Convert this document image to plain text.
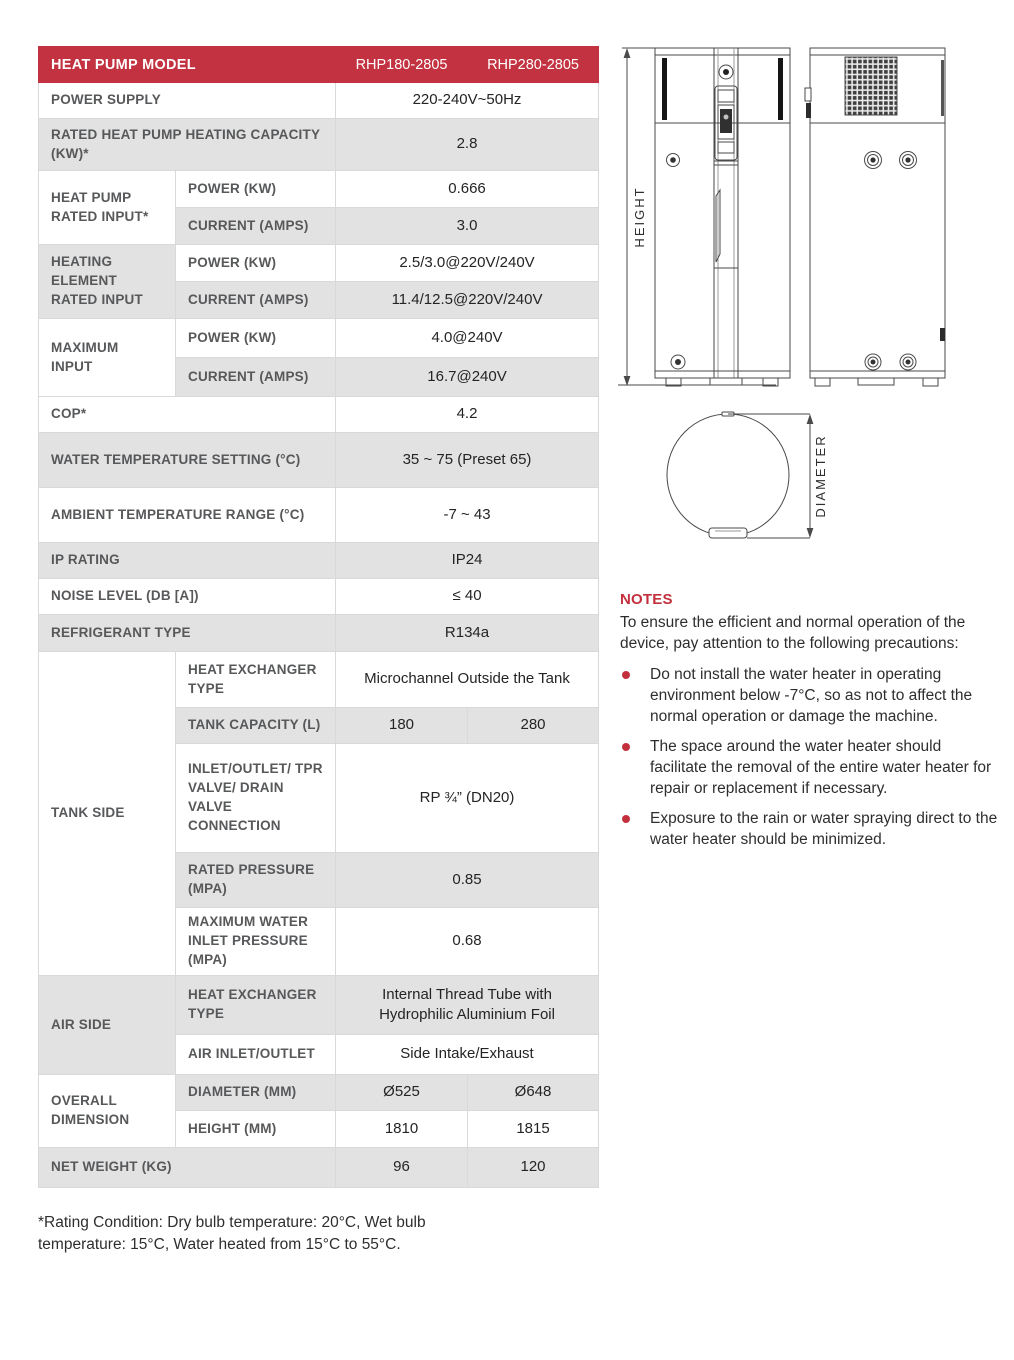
HEAT PUMP MODEL		RHP180-2805	RHP280-2805
POWER SUPPLY		220-240V~50Hz	
RATED HEAT PUMP HEATING CAPACITY (KW)*		2.8	
HEAT PUMP RATED INPUT*	POWER (KW)	0.666	
	CURRENT (AMPS)	3.0	
HEATING ELEMENT RATED INPUT	POWER (KW)	2.5/3.0@220V/240V	
	CURRENT (AMPS)	11.4/12.5@220V/240V	
MAXIMUM INPUT	POWER (KW)	4.0@240V	
	CURRENT (AMPS)	16.7@240V	
COP*		4.2	
WATER TEMPERATURE SETTING (°C)		35 ~ 75 (Preset 65)	
AMBIENT TEMPERATURE RANGE (°C)		-7 ~ 43	
IP RATING		IP24	
NOISE LEVEL (DB [A])		≤ 40	
REFRIGERANT TYPE		R134a	
TANK SIDE	HEAT EXCHANGER TYPE	Microchannel Outside the Tank	
	TANK CAPACITY (L)	180	280
	INLET/OUTLET/ TPR VALVE/ DRAIN VALVE CONNECTION	RP ¾” (DN20)	
	RATED PRESSURE (MPA)	0.85	
	MAXIMUM WATER INLET PRESSURE (MPA)	0.68	
AIR SIDE	HEAT EXCHANGER TYPE	Internal Thread Tube with Hydrophilic Aluminium Foil	
	AIR INLET/OUTLET	Side Intake/Exhaust	
OVERALL DIMENSION	DIAMETER (MM)	Ø525	Ø648
	HEIGHT (MM)	1810	1815
NET WEIGHT (KG)		96	120
*Rating Condition: Dry bulb temperature: 20°C, Wet bulb temperature: 15°C, Water heated from 15°C to 55°C.
HEIGHT
DIAMETER
NOTES

To ensure the efficient and normal operation of the device, pay attention to the following precautions:

Do not install the water heater in operating environment below -7°C, so as not to affect the normal operation or damage the machine.
The space around the water heater should facilitate the removal of the entire water heater for repair or replacement if necessary.
Exposure to the rain or water spraying direct to the water heater should be minimized.
